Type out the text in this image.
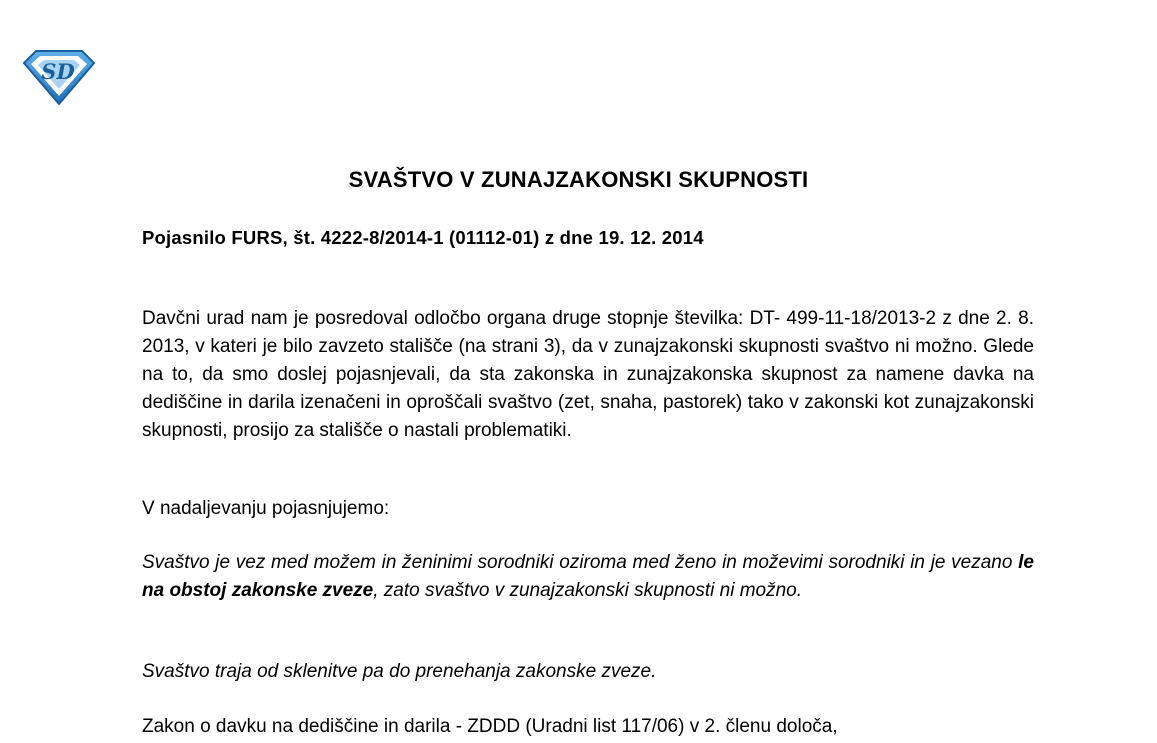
SD
SVAŠTVO V ZUNAJZAKONSKI SKUPNOSTI
Pojasnilo FURS, št. 4222-8/2014-1 (01112-01) z dne 19. 12. 2014
Davčni urad nam je posredoval odločbo organa druge stopnje številka: DT- 499-11-18/2013-2 z dne 2. 8. 2013, v kateri je bilo zavzeto stališče (na strani 3), da v zunajzakonski skupnosti svaštvo ni možno. Glede na to, da smo doslej pojasnjevali, da sta zakonska in zunajzakonska skupnost za namene davka na dediščine in darila izenačeni in oproščali svaštvo (zet, snaha, pastorek) tako v zakonski kot zunajzakonski skupnosti, prosijo za stališče o nastali problematiki.
V nadaljevanju pojasnjujemo:
Svaštvo je vez med možem in ženinimi sorodniki oziroma med ženo in moževimi sorodniki in je vezano le na obstoj zakonske zveze, zato svaštvo v zunajzakonski skupnosti ni možno.
Svaštvo traja od sklenitve pa do prenehanja zakonske zveze.
Zakon o davku na dediščine in darila - ZDDD (Uradni list 117/06) v 2. členu določa,
